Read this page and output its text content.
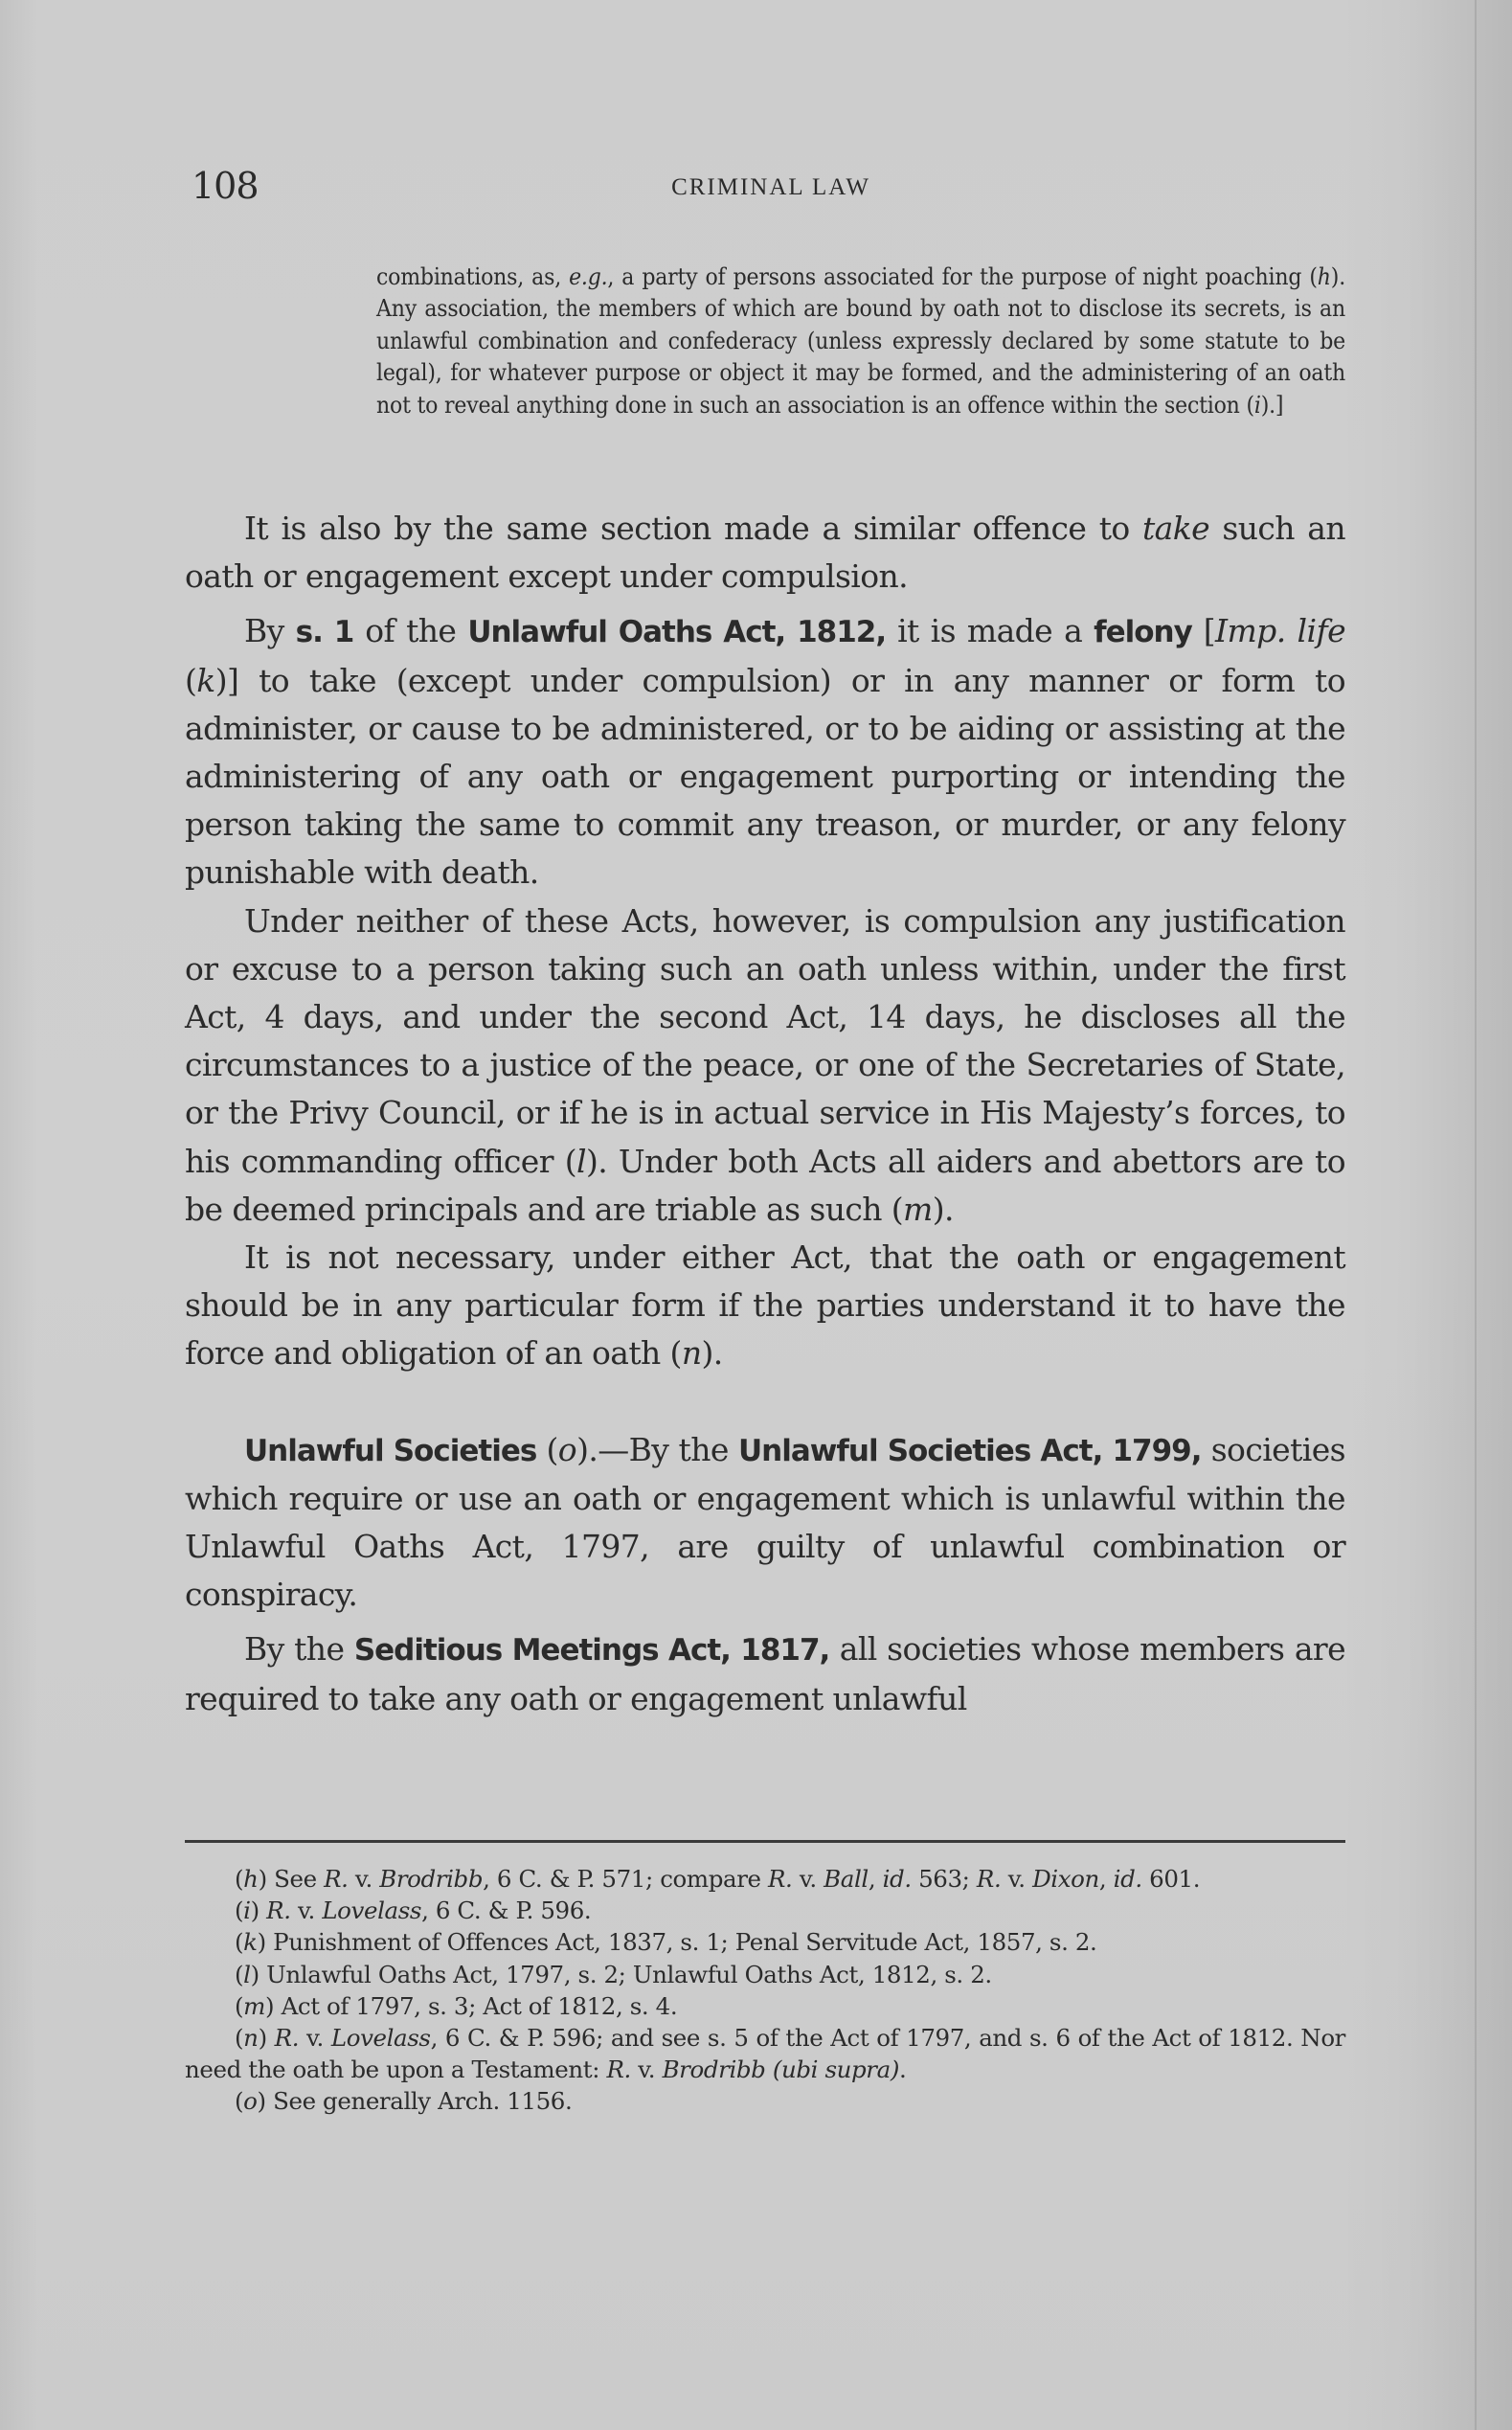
108	CRIMINAL LAW
combinations, as, e.g., a party of persons associated for the purpose of night poaching (h). Any association, the members of which are bound by oath not to disclose its secrets, is an unlawful combination and confederacy (unless expressly declared by some statute to be legal), for whatever purpose or object it may be formed, and the administering of an oath not to reveal anything done in such an association is an offence within the section (i).]

It is also by the same section made a similar offence to take such an oath or engagement except under compulsion.

By s. 1 of the Unlawful Oaths Act, 1812, it is made a felony [Imp. life (k)] to take (except under compulsion) or in any manner or form to administer, or cause to be administered, or to be aiding or assisting at the administering of any oath or engagement purporting or intending the person taking the same to commit any treason, or murder, or any felony punishable with death.

Under neither of these Acts, however, is compulsion any justification or excuse to a person taking such an oath unless within, under the first Act, 4 days, and under the second Act, 14 days, he discloses all the circumstances to a justice of the peace, or one of the Secretaries of State, or the Privy Council, or if he is in actual service in His Majesty’s forces, to his commanding officer (l). Under both Acts all aiders and abettors are to be deemed principals and are triable as such (m).

It is not necessary, under either Act, that the oath or engagement should be in any particular form if the parties understand it to have the force and obligation of an oath (n).

Unlawful Societies (o).—By the Unlawful Societies Act, 1799, societies which require or use an oath or engagement which is unlawful within the Unlawful Oaths Act, 1797, are guilty of unlawful combination or conspiracy.

By the Seditious Meetings Act, 1817, all societies whose members are required to take any oath or engagement unlawful

(h) See R. v. Brodribb, 6 C. & P. 571; compare R. v. Ball, id. 563; R. v. Dixon, id. 601.

(i) R. v. Lovelass, 6 C. & P. 596.

(k) Punishment of Offences Act, 1837, s. 1; Penal Servitude Act, 1857, s. 2.

(l) Unlawful Oaths Act, 1797, s. 2; Unlawful Oaths Act, 1812, s. 2.

(m) Act of 1797, s. 3; Act of 1812, s. 4.

(n) R. v. Lovelass, 6 C. & P. 596; and see s. 5 of the Act of 1797, and s. 6 of the Act of 1812. Nor need the oath be upon a Testament: R. v. Brodribb (ubi supra).

(o) See generally Arch. 1156.
